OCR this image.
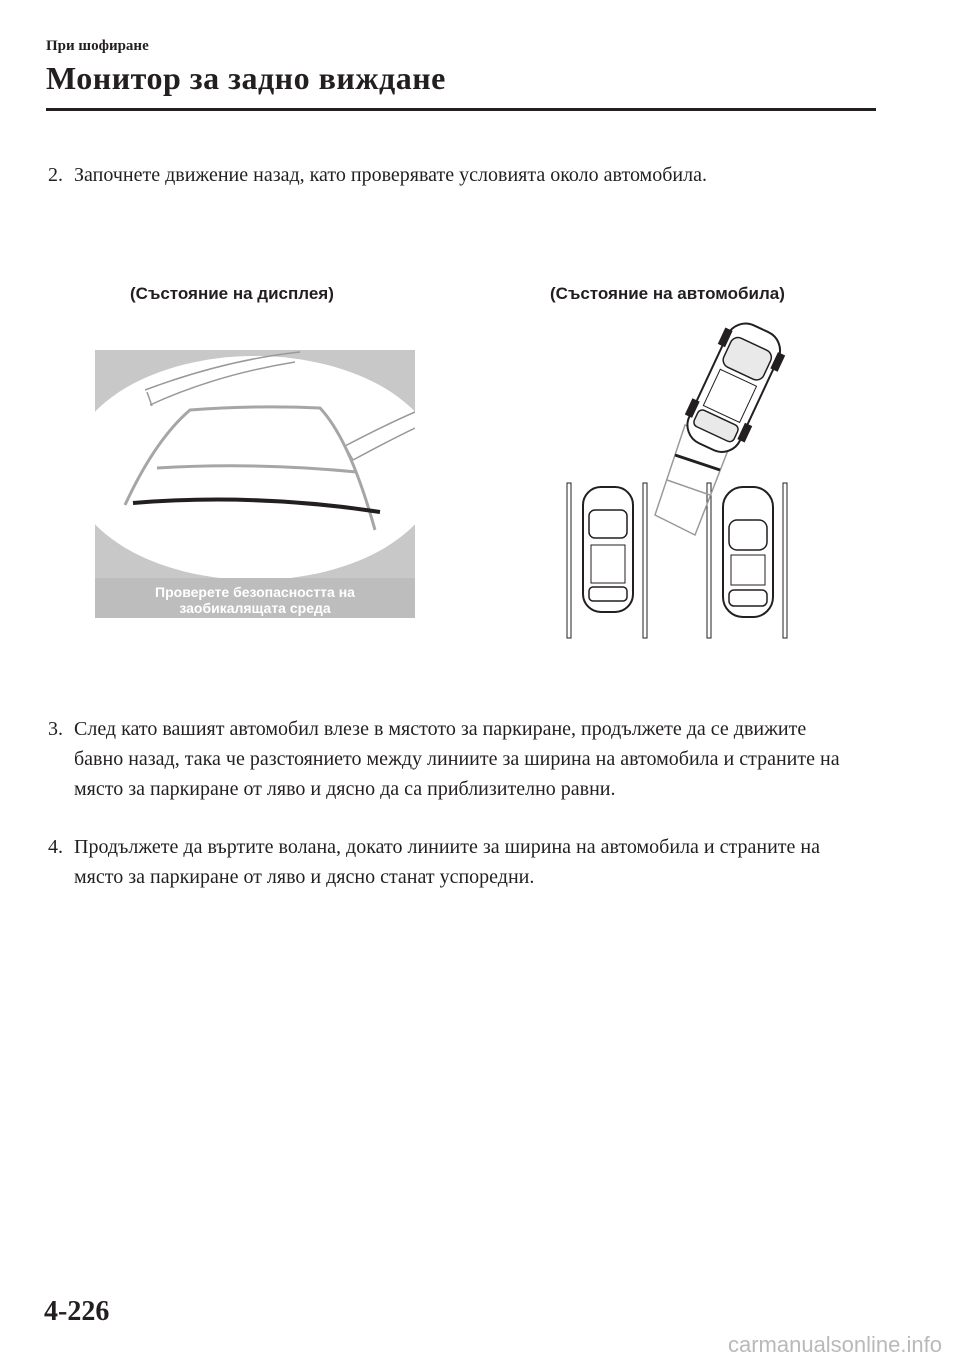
При шофиране
Монитор за задно виждане
2. Започнете движение назад, като проверявате условията около автомобила.
(Състояние на дисплея)	(Състояние на автомобила)
Проверете безопасността на
заобикалящата среда
3. След като вашият автомобил влезе в мястото за паркиране, продължете да се движите бавно назад, така че разстоянието между линиите за ширина на автомобила и страните на място за паркиране от ляво и дясно да са приблизително равни.
4. Продължете да въртите волана, докато линиите за ширина на автомобила и страните на място за паркиране от ляво и дясно станат успоредни.
4-226
carmanualsonline.info
